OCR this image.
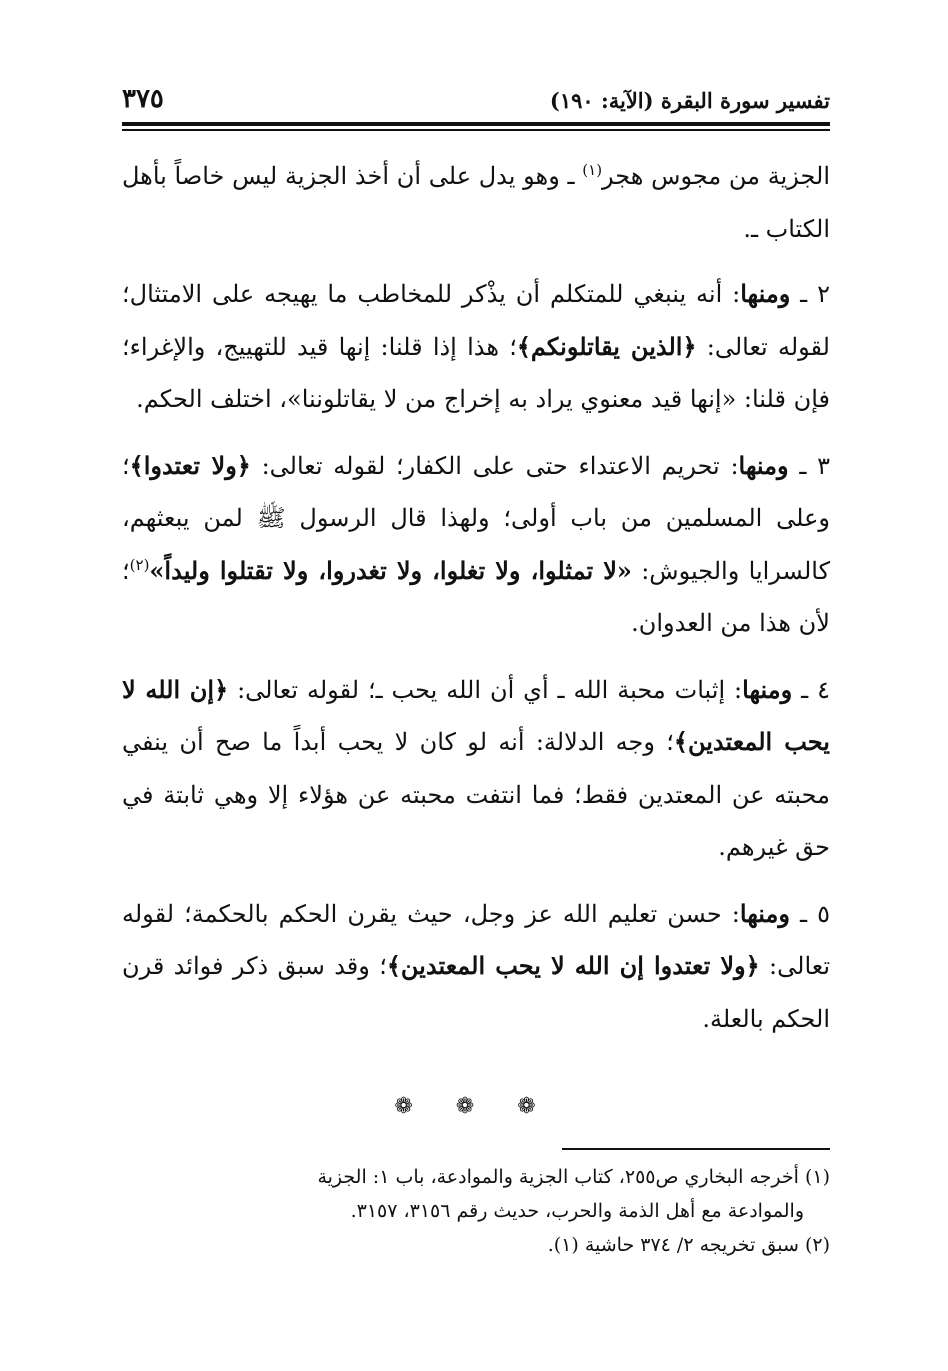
تفسير سورة البقرة (الآية: ١٩٠)
٣٧٥

الجزية من مجوس هجر$^{(١)}$ ـ وهو يدل على أن أخذ الجزية ليس خاصاً بأهل الكتاب ـ.

٢ ـ ومنها: أنه ينبغي للمتكلم أن يذْكر للمخاطب ما يهيجه على الامتثال؛ لقوله تعالى: ﴿الذين يقاتلونكم﴾؛ هذا إذا قلنا: إنها قيد للتهييج، والإغراء؛ فإن قلنا: «إنها قيد معنوي يراد به إخراج من لا يقاتلوننا»، اختلف الحكم.

٣ ـ ومنها: تحريم الاعتداء حتى على الكفار؛ لقوله تعالى: ﴿ولا تعتدوا﴾؛ وعلى المسلمين من باب أولى؛ ولهذا قال الرسول ﷺ لمن يبعثهم، كالسرايا والجيوش: «لا تمثلوا، ولا تغلوا، ولا تغدروا، ولا تقتلوا وليداً»$^{(٢)}$؛ لأن هذا من العدوان.

٤ ـ ومنها: إثبات محبة الله ـ أي أن الله يحب ـ؛ لقوله تعالى: ﴿إن الله لا يحب المعتدين﴾؛ وجه الدلالة: أنه لو كان لا يحب أبداً ما صح أن ينفي محبته عن المعتدين فقط؛ فما انتفت محبته عن هؤلاء إلا وهي ثابتة في حق غيرهم.

٥ ـ ومنها: حسن تعليم الله عز وجل، حيث يقرن الحكم بالحكمة؛ لقوله تعالى: ﴿ولا تعتدوا إن الله لا يحب المعتدين﴾؛ وقد سبق ذكر فوائد قرن الحكم بالعلة.

❁ ❁ ❁

(١) أخرجه البخاري ص٢٥٥، كتاب الجزية والموادعة، باب ١: الجزية
والموادعة مع أهل الذمة والحرب، حديث رقم ٣١٥٦، ٣١٥٧.

(٢) سبق تخريجه ٢/ ٣٧٤ حاشية (١).
